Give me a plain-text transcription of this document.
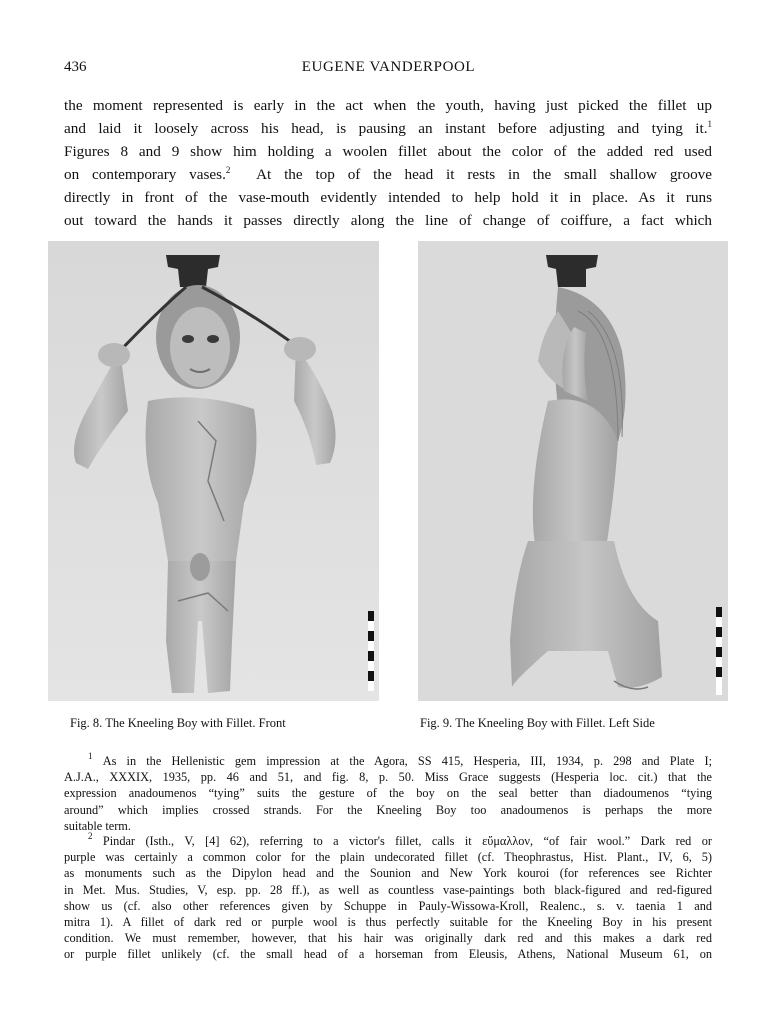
436	EUGENE VANDERPOOL
the moment represented is early in the act when the youth, having just picked the fillet up
and laid it loosely across his head, is pausing an instant before adjusting and tying it.$^1$
Figures 8 and 9 show him holding a woolen fillet about the color of the added red used
on contemporary vases.$^2$ At the top of the head it rests in the small shallow groove
directly in front of the vase-mouth evidently intended to help hold it in place. As it runs
out toward the hands it passes directly along the line of change of coiffure, a fact which
Fig. 8. The Kneeling Boy with Fillet. Front	Fig. 9. The Kneeling Boy with Fillet. Left Side
$^1$ As in the Hellenistic gem impression at the Agora, SS 415, Hesperia, III, 1934, p. 298 and Plate I;
A.J.A., XXXIX, 1935, pp. 46 and 51, and fig. 8, p. 50. Miss Grace suggests (Hesperia loc. cit.) that the
expression anadoumenos “tying” suits the gesture of the boy on the seal better than diadoumenos “tying
around” which implies crossed strands. For the Kneeling Boy too anadoumenos is perhaps the more
suitable term.
$^2$ Pindar (Isth., V, [4] 62), referring to a victor's fillet, calls it εὔμαλλον, “of fair wool.” Dark red or
purple was certainly a common color for the plain undecorated fillet (cf. Theophrastus, Hist. Plant., IV, 6, 5)
as monuments such as the Dipylon head and the Sounion and New York kouroi (for references see Richter
in Met. Mus. Studies, V, esp. pp. 28 ff.), as well as countless vase-paintings both black-figured and red-figured
show us (cf. also other references given by Schuppe in Pauly-Wissowa-Kroll, Realenc., s. v. taenia 1 and
mitra 1). A fillet of dark red or purple wool is thus perfectly suitable for the Kneeling Boy in his present
condition. We must remember, however, that his hair was originally dark red and this makes a dark red
or purple fillet unlikely (cf. the small head of a horseman from Eleusis, Athens, National Museum 61, on
